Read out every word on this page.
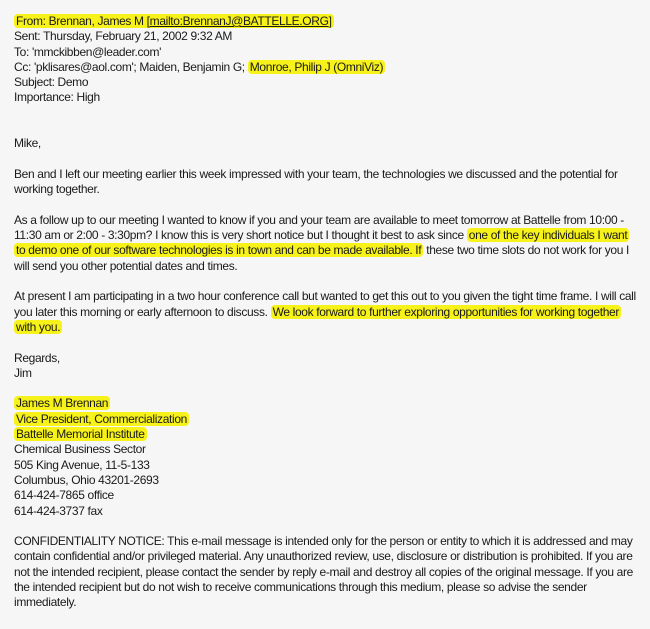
From: Brennan, James M [mailto:BrennanJ@BATTELLE.ORG]
Sent: Thursday, February 21, 2002 9:32 AM
To: 'mmckibben@leader.com'
Cc: 'pklisares@aol.com'; Maiden, Benjamin G; Monroe, Philip J (OmniViz)
Subject: Demo
Importance: High
Mike,

Ben and I left our meeting earlier this week impressed with your team, the technologies we discussed and the potential for working together.

As a follow up to our meeting I wanted to know if you and your team are available to meet tomorrow at Battelle from 10:00 - 11:30 am or 2:00 - 3:30pm? I know this is very short notice but I thought it best to ask since one of the key individuals I want to demo one of our software technologies is in town and can be made available. If these two time slots do not work for you I will send you other potential dates and times.

At present I am participating in a two hour conference call but wanted to get this out to you given the tight time frame. I will call you later this morning or early afternoon to discuss. We look forward to further exploring opportunities for working together with you.

Regards,
Jim
James M Brennan
Vice President, Commercialization
Battelle Memorial Institute
Chemical Business Sector
505 King Avenue, 11-5-133
Columbus, Ohio 43201-2693
614-424-7865 office
614-424-3737 fax

CONFIDENTIALITY NOTICE: This e-mail message is intended only for the person or entity to which it is addressed and may contain confidential and/or privileged material. Any unauthorized review, use, disclosure or distribution is prohibited. If you are not the intended recipient, please contact the sender by reply e-mail and destroy all copies of the original message. If you are the intended recipient but do not wish to receive communications through this medium, please so advise the sender immediately.
